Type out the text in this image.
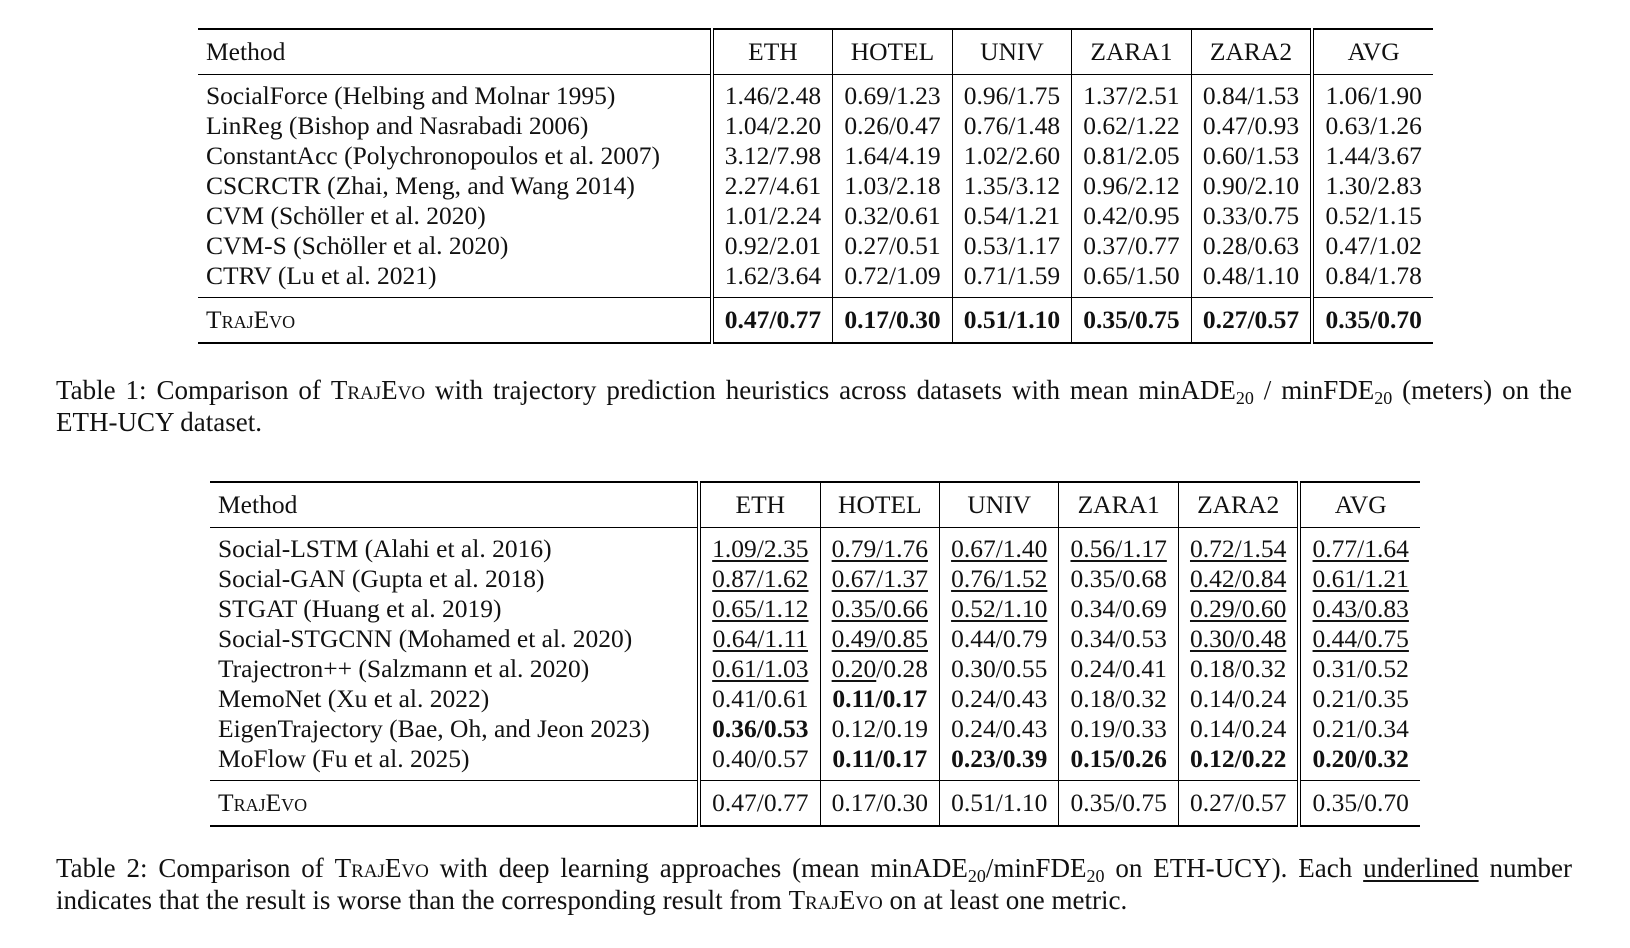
Method	ETH	HOTEL	UNIV	ZARA1	ZARA2	AVG
SocialForce (Helbing and Molnar 1995)	1.46/2.48	0.69/1.23	0.96/1.75	1.37/2.51	0.84/1.53	1.06/1.90
LinReg (Bishop and Nasrabadi 2006)	1.04/2.20	0.26/0.47	0.76/1.48	0.62/1.22	0.47/0.93	0.63/1.26
ConstantAcc (Polychronopoulos et al. 2007)	3.12/7.98	1.64/4.19	1.02/2.60	0.81/2.05	0.60/1.53	1.44/3.67
CSCRCTR (Zhai, Meng, and Wang 2014)	2.27/4.61	1.03/2.18	1.35/3.12	0.96/2.12	0.90/2.10	1.30/2.83
CVM (Schöller et al. 2020)	1.01/2.24	0.32/0.61	0.54/1.21	0.42/0.95	0.33/0.75	0.52/1.15
CVM-S (Schöller et al. 2020)	0.92/2.01	0.27/0.51	0.53/1.17	0.37/0.77	0.28/0.63	0.47/1.02
CTRV (Lu et al. 2021)	1.62/3.64	0.72/1.09	0.71/1.59	0.65/1.50	0.48/1.10	0.84/1.78
TrajEvo	0.47/0.77	0.17/0.30	0.51/1.10	0.35/0.75	0.27/0.57	0.35/0.70
Table 1: Comparison of TrajEvo with trajectory prediction heuristics across datasets with mean minADE$_{20}$ / minFDE$_{20}$ (meters) on the ETH-UCY dataset.
Method	ETH	HOTEL	UNIV	ZARA1	ZARA2	AVG
Social-LSTM (Alahi et al. 2016)	1.09/2.35	0.79/1.76	0.67/1.40	0.56/1.17	0.72/1.54	0.77/1.64
Social-GAN (Gupta et al. 2018)	0.87/1.62	0.67/1.37	0.76/1.52	0.35/0.68	0.42/0.84	0.61/1.21
STGAT (Huang et al. 2019)	0.65/1.12	0.35/0.66	0.52/1.10	0.34/0.69	0.29/0.60	0.43/0.83
Social-STGCNN (Mohamed et al. 2020)	0.64/1.11	0.49/0.85	0.44/0.79	0.34/0.53	0.30/0.48	0.44/0.75
Trajectron++ (Salzmann et al. 2020)	0.61/1.03	0.20/0.28	0.30/0.55	0.24/0.41	0.18/0.32	0.31/0.52
MemoNet (Xu et al. 2022)	0.41/0.61	0.11/0.17	0.24/0.43	0.18/0.32	0.14/0.24	0.21/0.35
EigenTrajectory (Bae, Oh, and Jeon 2023)	0.36/0.53	0.12/0.19	0.24/0.43	0.19/0.33	0.14/0.24	0.21/0.34
MoFlow (Fu et al. 2025)	0.40/0.57	0.11/0.17	0.23/0.39	0.15/0.26	0.12/0.22	0.20/0.32
TrajEvo	0.47/0.77	0.17/0.30	0.51/1.10	0.35/0.75	0.27/0.57	0.35/0.70
Table 2: Comparison of TrajEvo with deep learning approaches (mean minADE$_{20}$/minFDE$_{20}$ on ETH-UCY). Each underlined number indicates that the result is worse than the corresponding result from TrajEvo on at least one metric.
